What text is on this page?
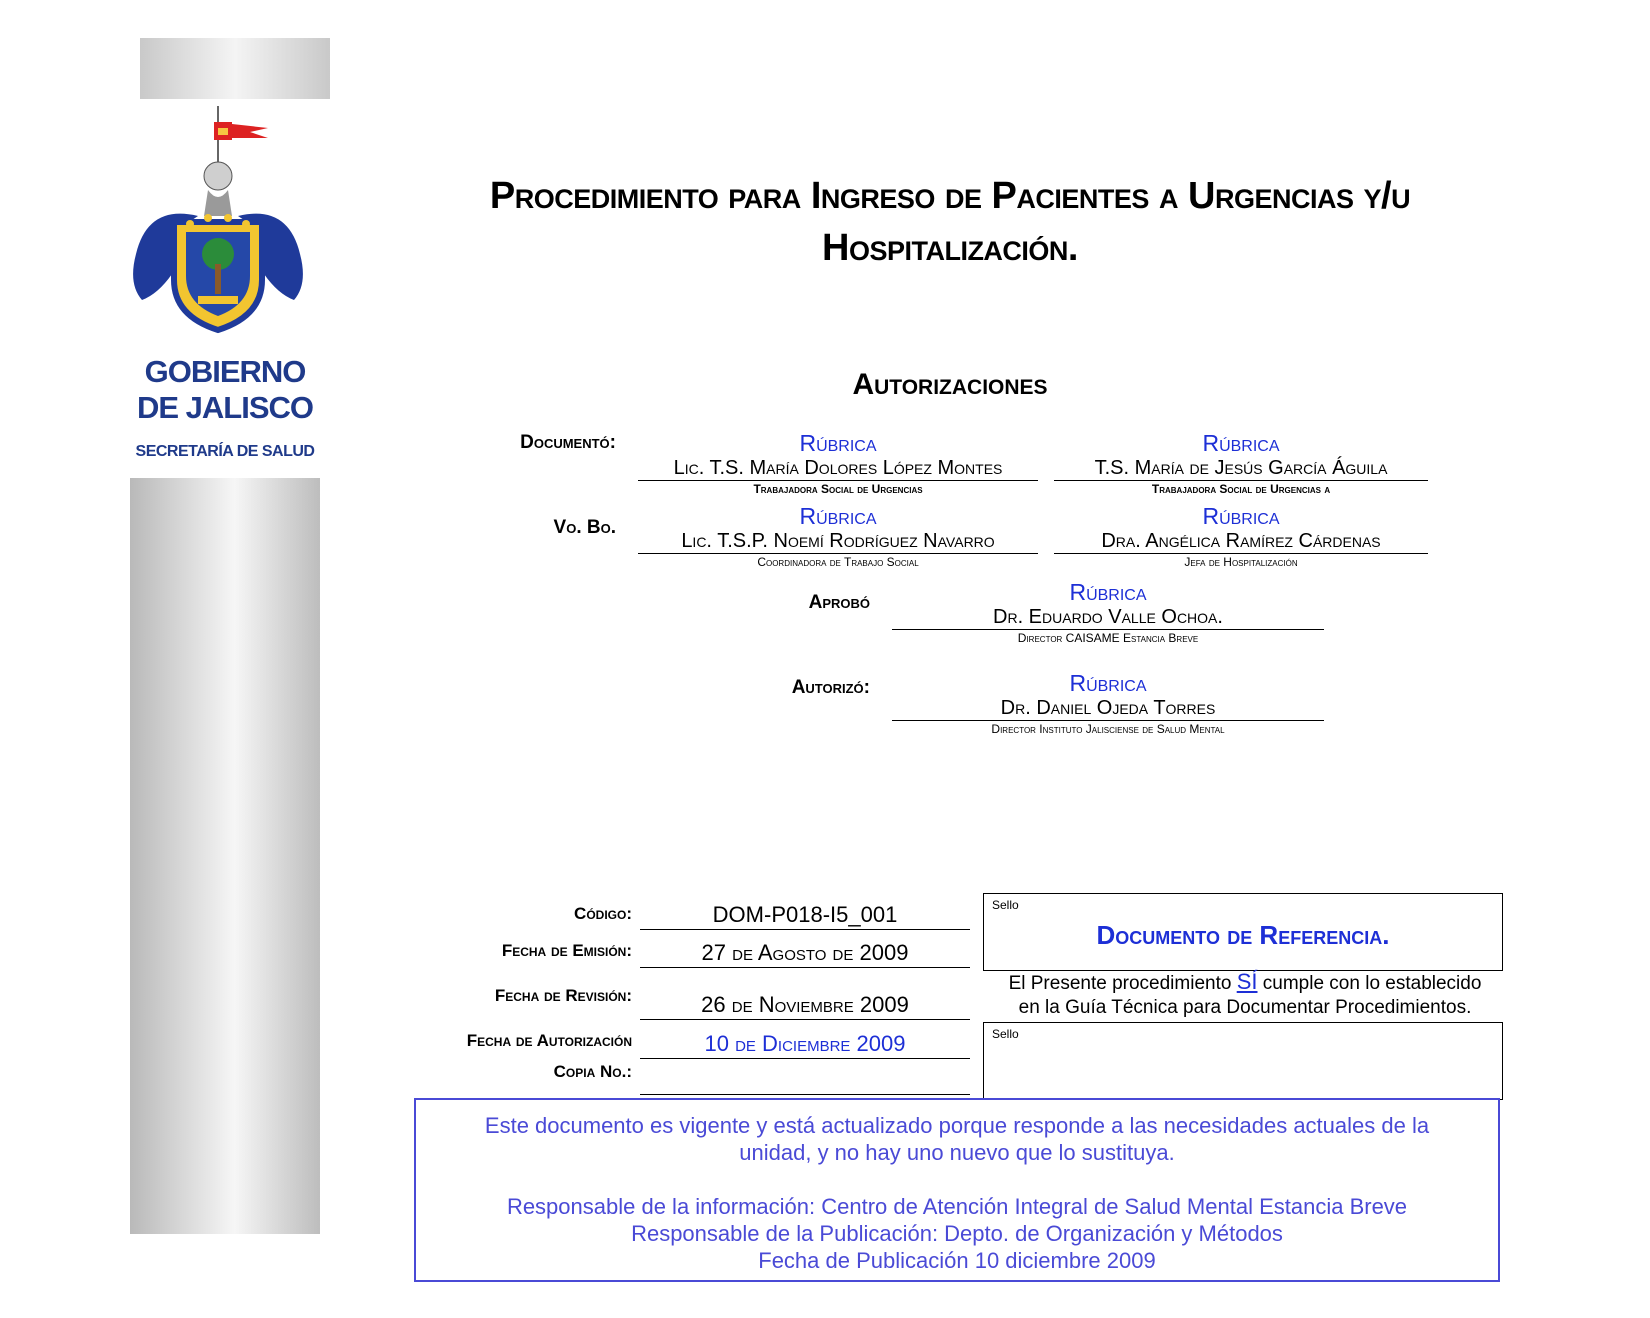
GOBIERNO
DE JALISCO
SECRETARÍA DE SALUD
Procedimiento para Ingreso de Pacientes a Urgencias y/u
Hospitalización.
Autorizaciones
Documentó:	Rúbrica
Lic. T.S. María Dolores López Montes
Trabajadora Social de Urgencias
Rúbrica
T.S. María de Jesús García Águila
Trabajadora Social de Urgencias a
Vo. Bo.	Rúbrica
Lic. T.S.P. Noemí Rodríguez Navarro
Coordinadora de Trabajo Social
Rúbrica
Dra. Angélica Ramírez Cárdenas
Jefa de Hospitalización
Aprobó	Rúbrica
Dr. Eduardo Valle Ochoa.
Director CAISAME Estancia Breve
Autorizó:	Rúbrica
Dr. Daniel Ojeda Torres
Director Instituto Jalisciense de Salud Mental
Código:	DOM-P018-I5_001
Fecha de Emisión:	27 de Agosto de 2009
Fecha de Revisión:	26 de Noviembre 2009
Fecha de Autorización	10 de Diciembre 2009
Copia No.:
Sello
Documento de Referencia.
El Presente procedimiento SÍ cumple con lo establecido
en la Guía Técnica para Documentar Procedimientos.
Sello

Este documento es vigente y está actualizado porque responde a las necesidades actuales de la

unidad, y no hay uno nuevo que lo sustituya.

Responsable de la información: Centro de Atención Integral de Salud Mental Estancia Breve

Responsable de la Publicación: Depto. de Organización y Métodos

Fecha de Publicación 10 diciembre 2009
